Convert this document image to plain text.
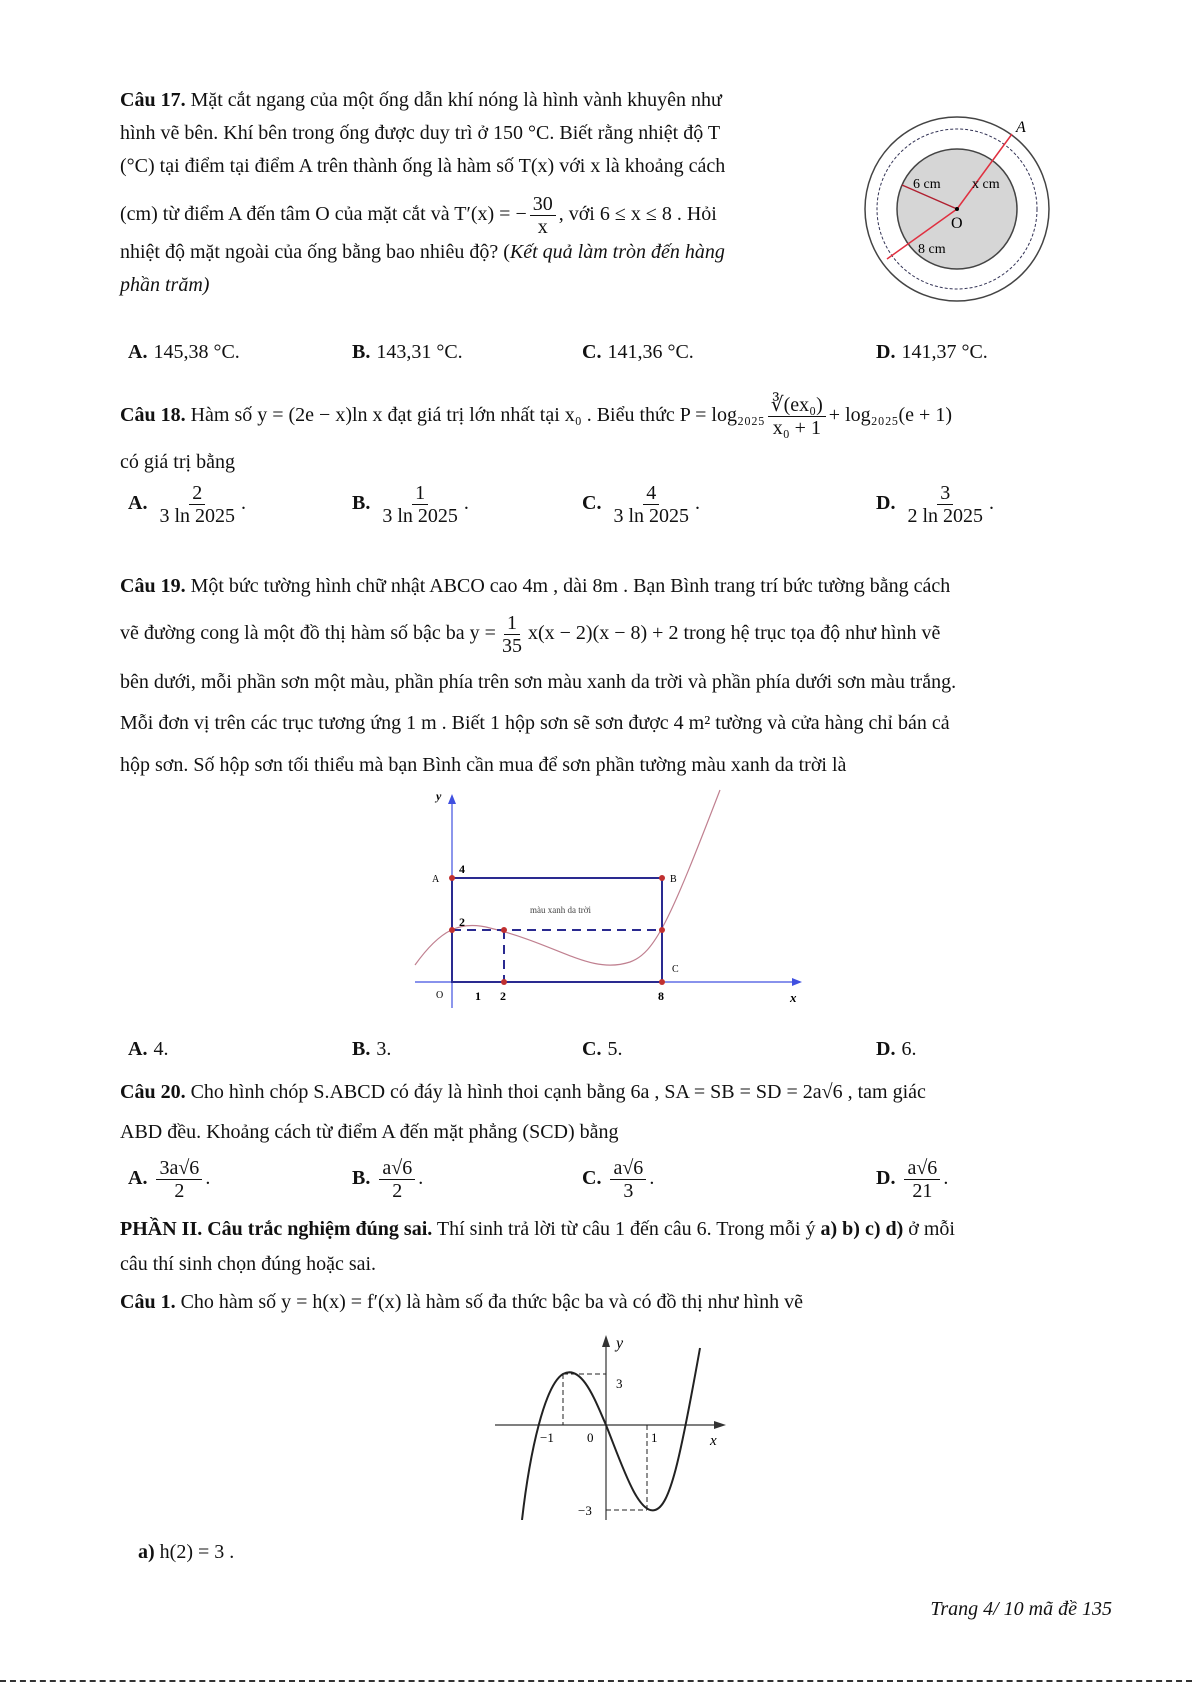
Câu 17. Mặt cắt ngang của một ống dẫn khí nóng là hình vành khuyên như
hình vẽ bên. Khí bên trong ống được duy trì ở 150 °C. Biết rằng nhiệt độ T
(°C) tại điểm tại điểm A trên thành ống là hàm số T(x) với x là khoảng cách
(cm) từ điểm A đến tâm O của mặt cắt và T′(x) = − $\frac{30}{x}$ , với 6 ≤ x ≤ 8 . Hỏi
nhiệt độ mặt ngoài của ống bằng bao nhiêu độ? (Kết quả làm tròn đến hàng
phần trăm)
A
O
6 cm x cm
8 cm
A. 145,38 °C.	B. 143,31 °C.	C. 141,36 °C.	D. 141,37 °C.
Câu 18. Hàm số y = (2e − x)ln x đạt giá trị lớn nhất tại x₀ . Biểu thức $P = \log_{2025} \frac{\text{∛(ex₀)}}{\text{x₀ + 1}} + \log_{2025}(e + 1)$
có giá trị bằng
A. $\frac{2}{3 \ln 2025}$ .	B. $\frac{1}{3 \ln 2025}$ .	C. $\frac{4}{3 \ln 2025}$ .	D. $\frac{3}{2 \ln 2025}$ .
Câu 19. Một bức tường hình chữ nhật ABCO cao 4m , dài 8m . Bạn Bình trang trí bức tường bằng cách
vẽ đường cong là một đồ thị hàm số bậc ba $y = \frac{1}{35} x(x - 2)(x - 8) + 2$ trong hệ trục tọa độ như hình vẽ
bên dưới, mỗi phần sơn một màu, phần phía trên sơn màu xanh da trời và phần phía dưới sơn màu trắng.
Mỗi đơn vị trên các trục tương ứng 1 m . Biết 1 hộp sơn sẽ sơn được 4 m² tường và cửa hàng chỉ bán cả
hộp sơn. Số hộp sơn tối thiểu mà bạn Bình cần mua để sơn phần tường màu xanh da trời là
y
x
A	B
C
O
4
2
1 2	8
màu xanh da trời
A. 4.	B. 3.	C. 5.	D. 6.
Câu 20. Cho hình chóp S.ABCD có đáy là hình thoi cạnh bằng 6a , SA = SB = SD = 2a√6 , tam giác
ABD đều. Khoảng cách từ điểm A đến mặt phẳng (SCD) bằng
A. $\frac{3a√6}{2}$ .	B. $\frac{a√6}{2}$ .	C. $\frac{a√6}{3}$ .	D. $\frac{a√6}{21}$ .
PHẦN II. Câu trắc nghiệm đúng sai. Thí sinh trả lời từ câu 1 đến câu 6. Trong mỗi ý a) b) c) d) ở mỗi
câu thí sinh chọn đúng hoặc sai.
Câu 1. Cho hàm số y = h(x) = f′(x) là hàm số đa thức bậc ba và có đồ thị như hình vẽ
y
x
3
−3
−1	0	1
a) h(2) = 3 .
Trang 4/ 10 mã đề 135
